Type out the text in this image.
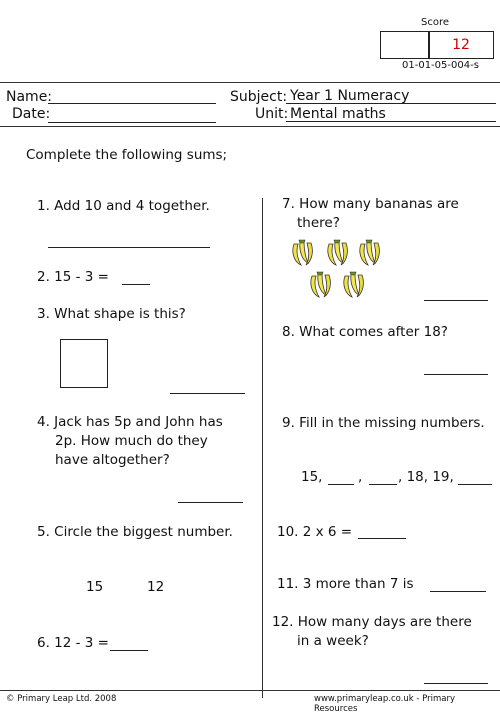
Score
12
01-01-05-004-s
Name:
Date:
Subject: Year 1 Numeracy
Unit: Mental maths
Complete the following sums;
1. Add 10 and 4 together.
2. 15 - 3 =
3. What shape is this?
4. Jack has 5p and John has
2p. How much do they
have altogether?
5. Circle the biggest number.
15	12
6. 12 - 3 =
7. How many bananas are
there?
8. What comes after 18?
9. Fill in the missing numbers.
15,	,	, 18, 19,
10. 2 x 6 =
11. 3 more than 7 is
12. How many days are there
in a week?
© Primary Leap Ltd. 2008	www.primaryleap.co.uk - Primary Resources
